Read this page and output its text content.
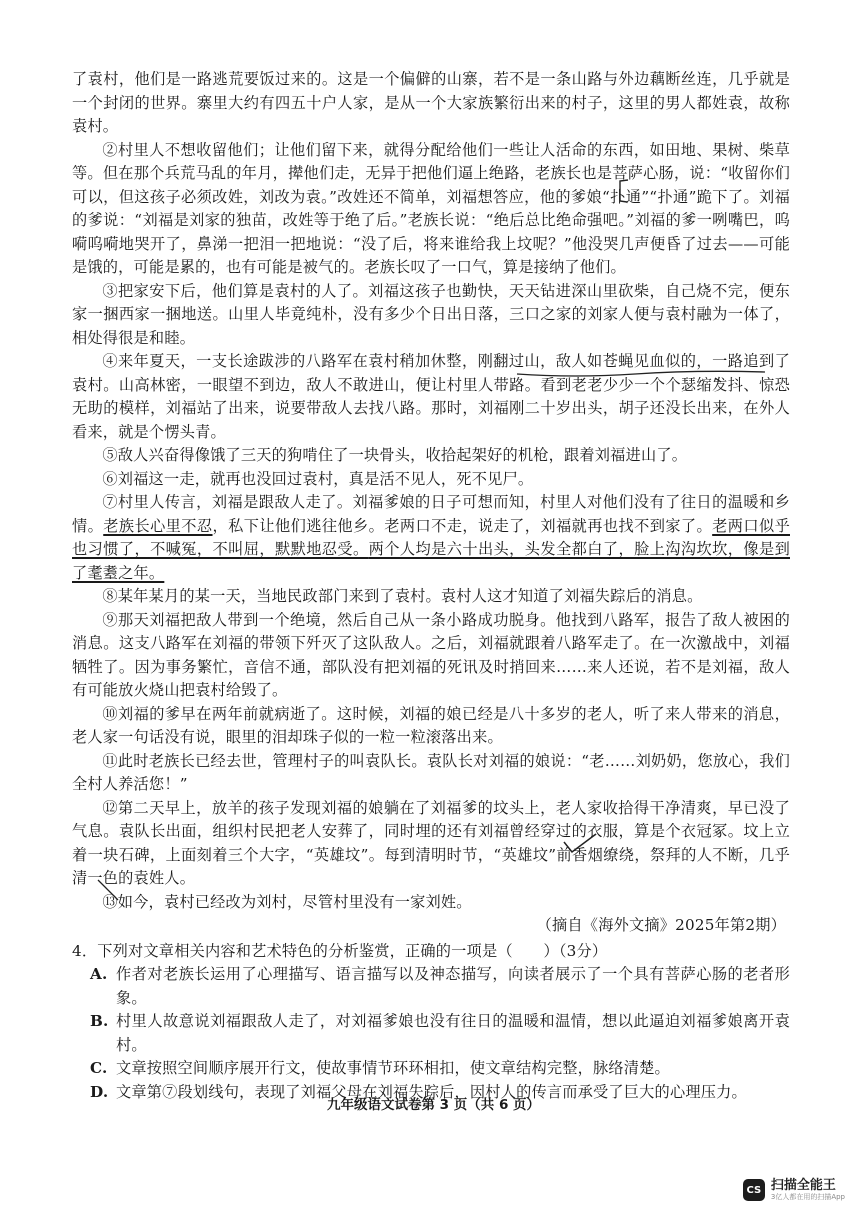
了袁村，他们是一路逃荒要饭过来的。这是一个偏僻的山寨，若不是一条山路与外边藕断丝连，几乎就是一个封闭的世界。寨里大约有四五十户人家，是从一个大家族繁衍出来的村子，这里的男人都姓袁，故称袁村。

②村里人不想收留他们；让他们留下来，就得分配给他们一些让人活命的东西，如田地、果树、柴草等。但在那个兵荒马乱的年月，撵他们走，无异于把他们逼上绝路，老族长也是菩萨心肠，说：“收留你们可以，但这孩子必须改姓，刘改为袁。”改姓还不简单，刘福想答应，他的爹娘“扑通”“扑通”跪下了。刘福的爹说：“刘福是刘家的独苗，改姓等于绝了后。”老族长说：“绝后总比绝命强吧。”刘福的爹一咧嘴巴，呜嗬呜嗬地哭开了，鼻涕一把泪一把地说：“没了后，将来谁给我上坟呢？”他没哭几声便昏了过去——可能是饿的，可能是累的，也有可能是被气的。老族长叹了一口气，算是接纳了他们。

③把家安下后，他们算是袁村的人了。刘福这孩子也勤快，天天钻进深山里砍柴，自己烧不完，便东家一捆西家一捆地送。山里人毕竟纯朴，没有多少个日出日落，三口之家的刘家人便与袁村融为一体了，相处得很是和睦。

④来年夏天，一支长途跋涉的八路军在袁村稍加休整，刚翻过山，敌人如苍蝇见血似的，一路追到了袁村。山高林密，一眼望不到边，敌人不敢进山，便让村里人带路。看到老老少少一个个瑟缩发抖、惊恐无助的模样，刘福站了出来，说要带敌人去找八路。那时，刘福刚二十岁出头，胡子还没长出来，在外人看来，就是个愣头青。

⑤敌人兴奋得像饿了三天的狗啃住了一块骨头，收拾起架好的机枪，跟着刘福进山了。

⑥刘福这一走，就再也没回过袁村，真是活不见人，死不见尸。

⑦村里人传言，刘福是跟敌人走了。刘福爹娘的日子可想而知，村里人对他们没有了往日的温暖和乡情。老族长心里不忍，私下让他们逃往他乡。老两口不走，说走了，刘福就再也找不到家了。老两口似乎也习惯了，不喊冤，不叫屈，默默地忍受。两个人均是六十出头，头发全都白了，脸上沟沟坎坎，像是到了耄耋之年。

⑧某年某月的某一天，当地民政部门来到了袁村。袁村人这才知道了刘福失踪后的消息。

⑨那天刘福把敌人带到一个绝境，然后自己从一条小路成功脱身。他找到八路军，报告了敌人被困的消息。这支八路军在刘福的带领下歼灭了这队敌人。之后，刘福就跟着八路军走了。在一次激战中，刘福牺牲了。因为事务繁忙，音信不通，部队没有把刘福的死讯及时捎回来……来人还说，若不是刘福，敌人有可能放火烧山把袁村给毁了。

⑩刘福的爹早在两年前就病逝了。这时候，刘福的娘已经是八十多岁的老人，听了来人带来的消息，老人家一句话没有说，眼里的泪却珠子似的一粒一粒滚落出来。

⑪此时老族长已经去世，管理村子的叫袁队长。袁队长对刘福的娘说：“老……刘奶奶，您放心，我们全村人养活您！”

⑫第二天早上，放羊的孩子发现刘福的娘躺在了刘福爹的坟头上，老人家收拾得干净清爽，早已没了气息。袁队长出面，组织村民把老人安葬了，同时埋的还有刘福曾经穿过的衣服，算是个衣冠冢。坟上立着一块石碑，上面刻着三个大字，“英雄坟”。每到清明时节，“英雄坟”前香烟缭绕，祭拜的人不断，几乎清一色的袁姓人。

⑬如今，袁村已经改为刘村，尽管村里没有一家刘姓。

（摘自《海外文摘》2025年第2期）

4．下列对文章相关内容和艺术特色的分析鉴赏，正确的一项是（　　）（3分）

A. 作者对老族长运用了心理描写、语言描写以及神态描写，向读者展示了一个具有菩萨心肠的老者形象。
B. 村里人故意说刘福跟敌人走了，对刘福爹娘也没有往日的温暖和温情，想以此逼迫刘福爹娘离开袁村。
C. 文章按照空间顺序展开行文，使故事情节环环相扣，使文章结构完整，脉络清楚。
D. 文章第⑦段划线句，表现了刘福父母在刘福失踪后，因村人的传言而承受了巨大的心理压力。
九年级语文试卷第 3 页（共 6 页）
CS 扫描全能王
3亿人都在用的扫描App
